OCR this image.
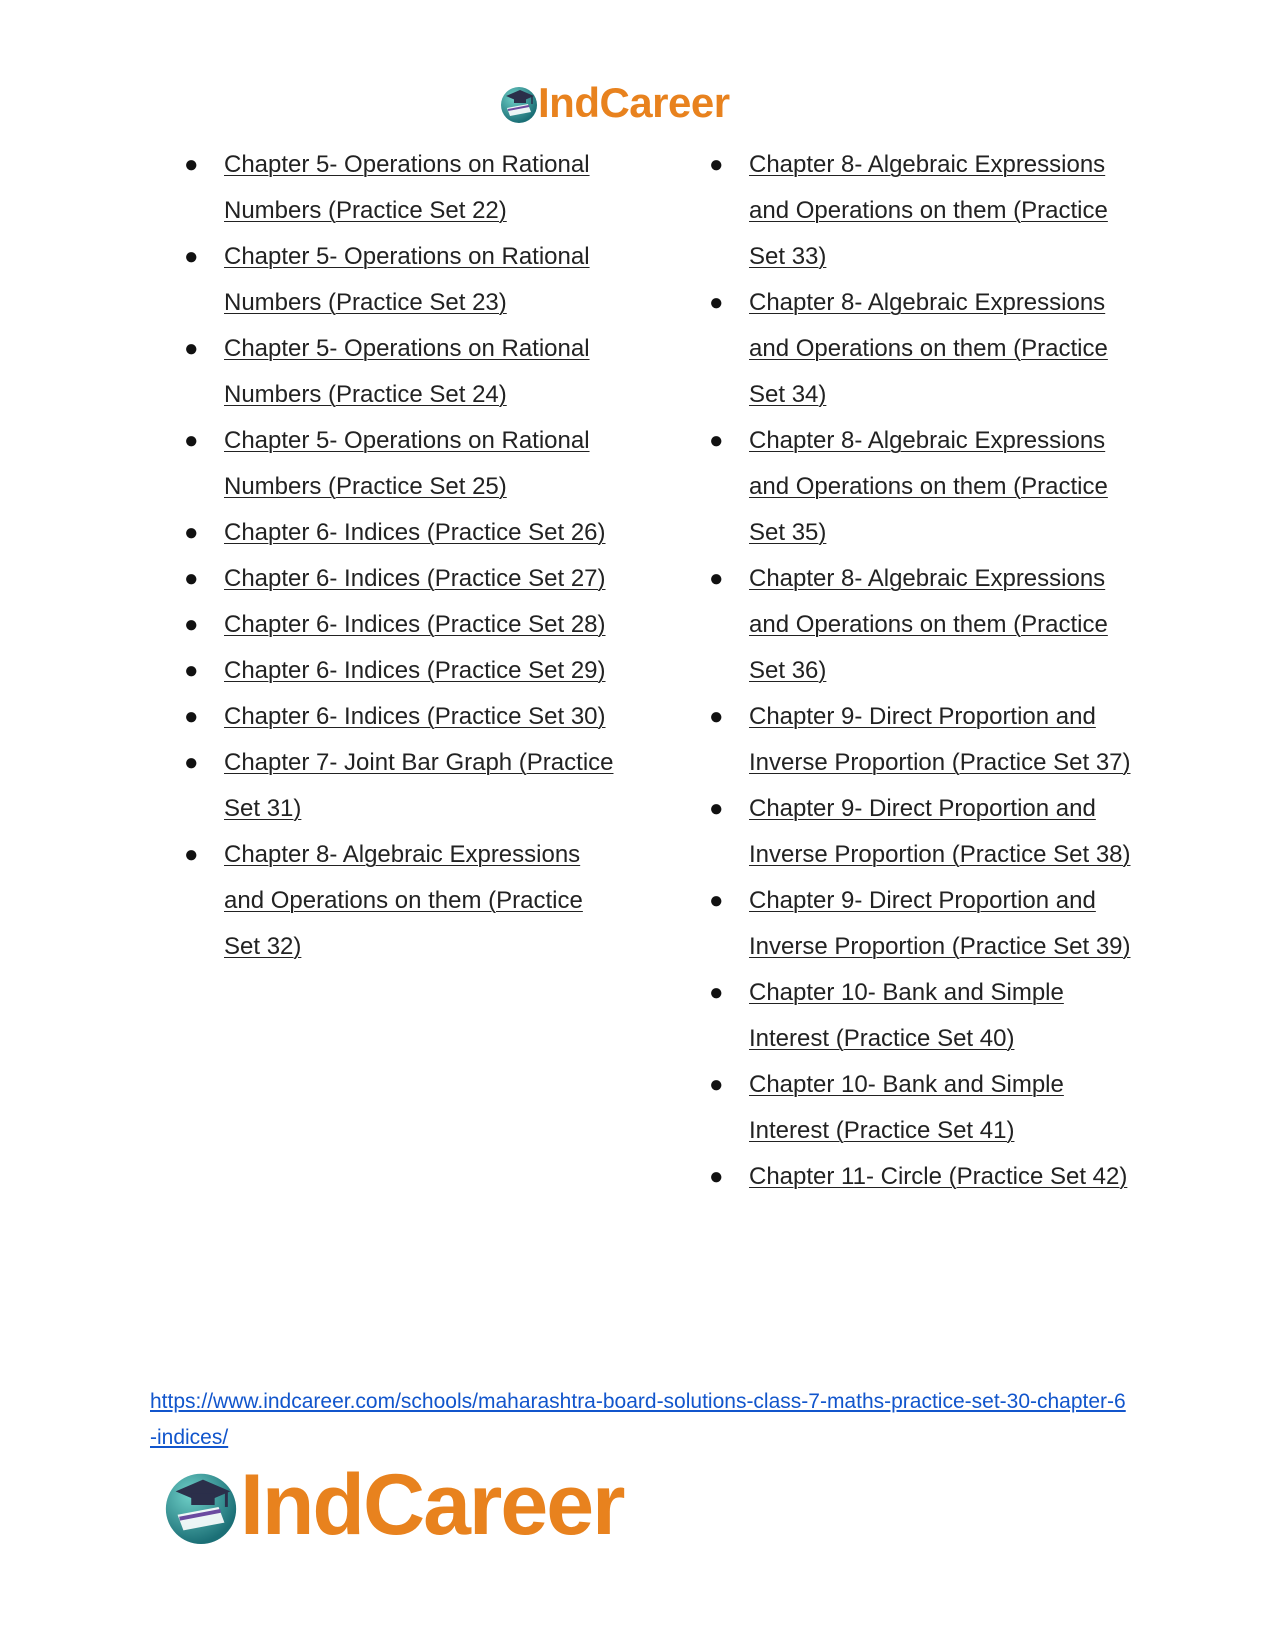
IndCareer
● Chapter 5- Operations on Rational Numbers (Practice Set 22)
● Chapter 5- Operations on Rational Numbers (Practice Set 23)
● Chapter 5- Operations on Rational Numbers (Practice Set 24)
● Chapter 5- Operations on Rational Numbers (Practice Set 25)
● Chapter 6- Indices (Practice Set 26)
● Chapter 6- Indices (Practice Set 27)
● Chapter 6- Indices (Practice Set 28)
● Chapter 6- Indices (Practice Set 29)
● Chapter 6- Indices (Practice Set 30)
● Chapter 7- Joint Bar Graph (Practice Set 31)
● Chapter 8- Algebraic Expressions and Operations on them (Practice Set 32)
● Chapter 8- Algebraic Expressions and Operations on them (Practice Set 33)
● Chapter 8- Algebraic Expressions and Operations on them (Practice Set 34)
● Chapter 8- Algebraic Expressions and Operations on them (Practice Set 35)
● Chapter 8- Algebraic Expressions and Operations on them (Practice Set 36)
● Chapter 9- Direct Proportion and Inverse Proportion (Practice Set 37)
● Chapter 9- Direct Proportion and Inverse Proportion (Practice Set 38)
● Chapter 9- Direct Proportion and Inverse Proportion (Practice Set 39)
● Chapter 10- Bank and Simple Interest (Practice Set 40)
● Chapter 10- Bank and Simple Interest (Practice Set 41)
● Chapter 11- Circle (Practice Set 42)
https://www.indcareer.com/schools/maharashtra-board-solutions-class-7-maths-practice-set-30-chapter-6-indices/
IndCareer
